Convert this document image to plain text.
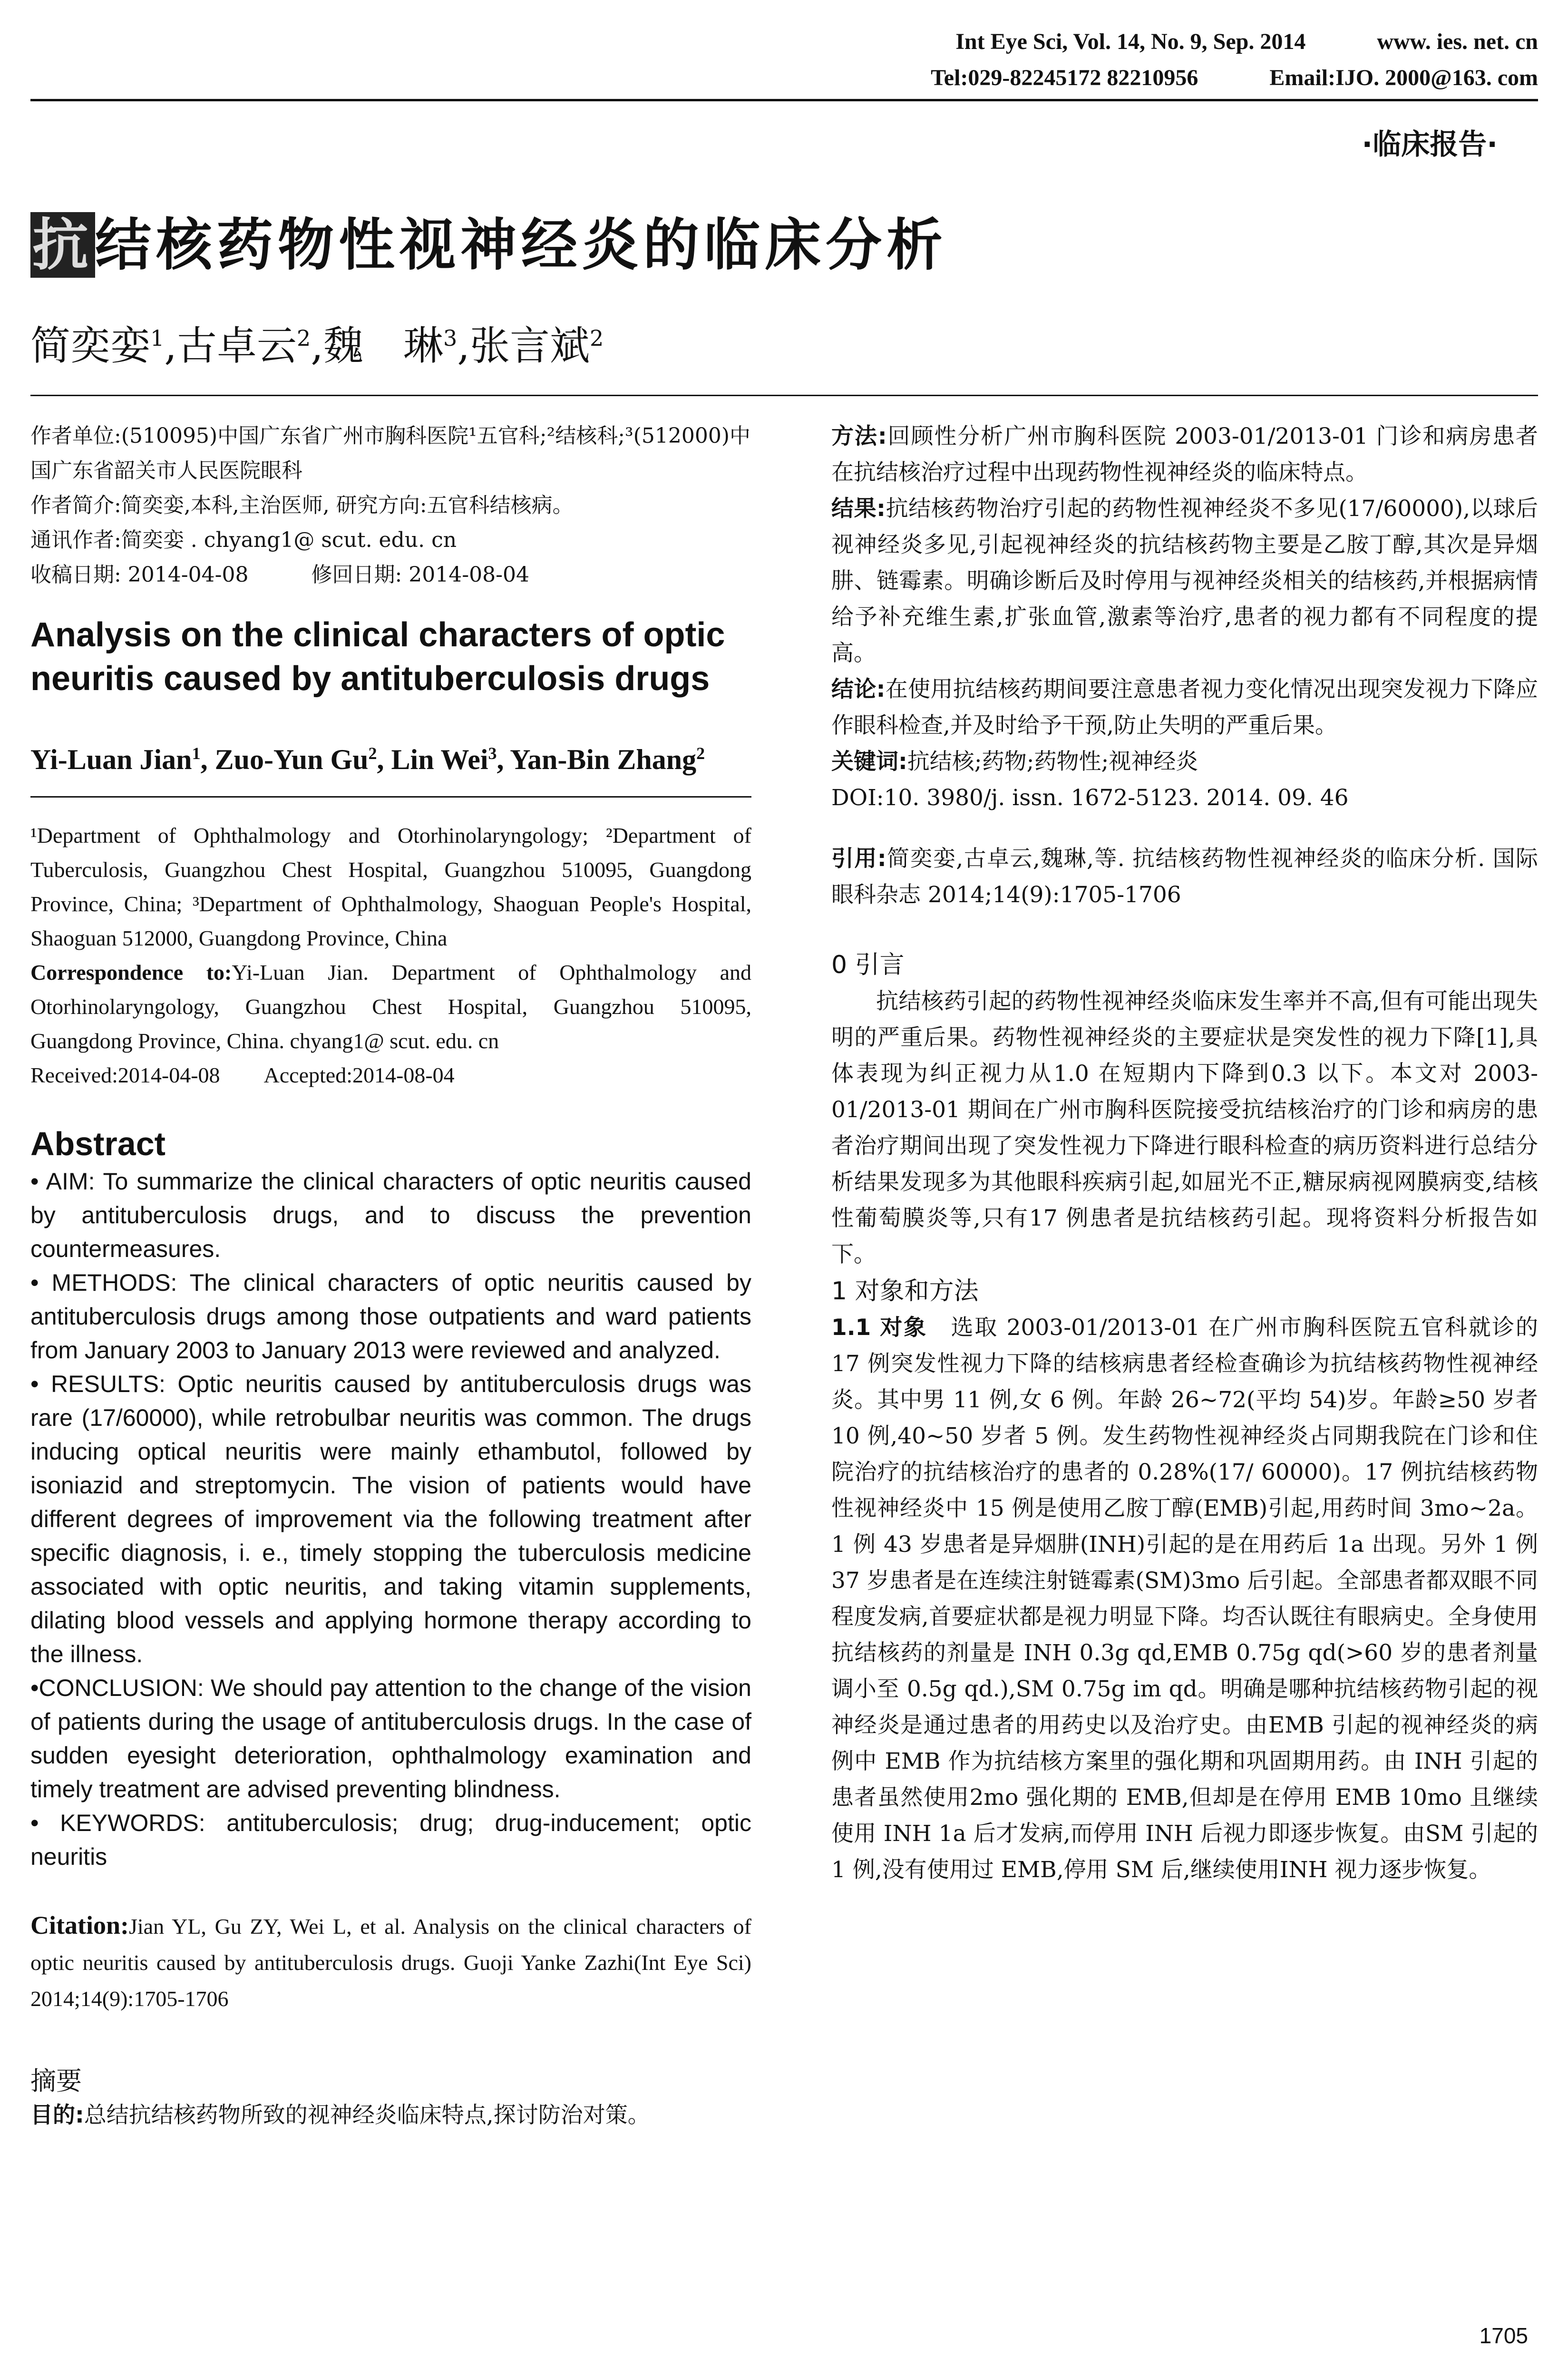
Int Eye Sci, Vol. 14, No. 9, Sep. 2014	www. ies. net. cn
Tel:029-82245172 82210956	Email:IJO. 2000@163. com
·临床报告·
抗结核药物性视神经炎的临床分析
简奕娈$^1$,古卓云$^2$,魏　琳$^3$,张言斌$^2$

作者单位:(510095)中国广东省广州市胸科医院¹五官科;²结核科;³(512000)中国广东省韶关市人民医院眼科

作者简介:简奕娈,本科,主治医师, 研究方向:五官科结核病。

通讯作者:简奕娈 . chyang1@ scut. edu. cn

收稿日期: 2014-04-08　　　修回日期: 2014-08-04

Analysis on the clinical characters of optic neuritis caused by antituberculosis drugs
Yi-Luan Jian$^1$, Zuo-Yun Gu$^2$, Lin Wei$^3$, Yan-Bin Zhang$^2$

¹Department of Ophthalmology and Otorhinolaryngology; ²Department of Tuberculosis, Guangzhou Chest Hospital, Guangzhou 510095, Guangdong Province, China; ³Department of Ophthalmology, Shaoguan People's Hospital, Shaoguan 512000, Guangdong Province, China

Correspondence to:Yi-Luan Jian. Department of Ophthalmology and Otorhinolaryngology, Guangzhou Chest Hospital, Guangzhou 510095, Guangdong Province, China. chyang1@ scut. edu. cn

Received:2014-04-08　　Accepted:2014-08-04

Abstract

• AIM: To summarize the clinical characters of optic neuritis caused by antituberculosis drugs, and to discuss the prevention countermeasures.

• METHODS: The clinical characters of optic neuritis caused by antituberculosis drugs among those outpatients and ward patients from January 2003 to January 2013 were reviewed and analyzed.

• RESULTS: Optic neuritis caused by antituberculosis drugs was rare (17/60000), while retrobulbar neuritis was common. The drugs inducing optical neuritis were mainly ethambutol, followed by isoniazid and streptomycin. The vision of patients would have different degrees of improvement via the following treatment after specific diagnosis, i. e., timely stopping the tuberculosis medicine associated with optic neuritis, and taking vitamin supplements, dilating blood vessels and applying hormone therapy according to the illness.

•CONCLUSION: We should pay attention to the change of the vision of patients during the usage of antituberculosis drugs. In the case of sudden eyesight deterioration, ophthalmology examination and timely treatment are advised preventing blindness.

• KEYWORDS: antituberculosis; drug; drug-inducement; optic neuritis

Citation:Jian YL, Gu ZY, Wei L, et al. Analysis on the clinical characters of optic neuritis caused by antituberculosis drugs. Guoji Yanke Zazhi(Int Eye Sci) 2014;14(9):1705-1706

摘要

目的:总结抗结核药物所致的视神经炎临床特点,探讨防治对策。

方法:回顾性分析广州市胸科医院 2003-01/2013-01 门诊和病房患者在抗结核治疗过程中出现药物性视神经炎的临床特点。

结果:抗结核药物治疗引起的药物性视神经炎不多见(17/60000),以球后视神经炎多见,引起视神经炎的抗结核药物主要是乙胺丁醇,其次是异烟肼、链霉素。明确诊断后及时停用与视神经炎相关的结核药,并根据病情给予补充维生素,扩张血管,激素等治疗,患者的视力都有不同程度的提高。

结论:在使用抗结核药期间要注意患者视力变化情况出现突发视力下降应作眼科检查,并及时给予干预,防止失明的严重后果。

关键词:抗结核;药物;药物性;视神经炎

DOI:10. 3980/j. issn. 1672-5123. 2014. 09. 46

引用:简奕娈,古卓云,魏琳,等. 抗结核药物性视神经炎的临床分析. 国际眼科杂志 2014;14(9):1705-1706

0 引言

抗结核药引起的药物性视神经炎临床发生率并不高,但有可能出现失明的严重后果。药物性视神经炎的主要症状是突发性的视力下降[1],具体表现为纠正视力从1.0 在短期内下降到0.3 以下。本文对 2003-01/2013-01 期间在广州市胸科医院接受抗结核治疗的门诊和病房的患者治疗期间出现了突发性视力下降进行眼科检查的病历资料进行总结分析结果发现多为其他眼科疾病引起,如屈光不正,糖尿病视网膜病变,结核性葡萄膜炎等,只有17 例患者是抗结核药引起。现将资料分析报告如下。

1 对象和方法

1.1 对象　 选取 2003-01/2013-01 在广州市胸科医院五官科就诊的17 例突发性视力下降的结核病患者经检查确诊为抗结核药物性视神经炎。其中男 11 例,女 6 例。年龄 26~72(平均 54)岁。年龄≥50 岁者 10 例,40~50 岁者 5 例。发生药物性视神经炎占同期我院在门诊和住院治疗的抗结核治疗的患者的 0.28%(17/ 60000)。17 例抗结核药物性视神经炎中 15 例是使用乙胺丁醇(EMB)引起,用药时间 3mo~2a。1 例 43 岁患者是异烟肼(INH)引起的是在用药后 1a 出现。另外 1 例 37 岁患者是在连续注射链霉素(SM)3mo 后引起。全部患者都双眼不同程度发病,首要症状都是视力明显下降。均否认既往有眼病史。全身使用抗结核药的剂量是 INH 0.3g qd,EMB 0.75g qd(>60 岁的患者剂量调小至 0.5g qd.),SM 0.75g im qd。明确是哪种抗结核药物引起的视神经炎是通过患者的用药史以及治疗史。由EMB 引起的视神经炎的病例中 EMB 作为抗结核方案里的强化期和巩固期用药。由 INH 引起的患者虽然使用2mo 强化期的 EMB,但却是在停用 EMB 10mo 且继续使用 INH 1a 后才发病,而停用 INH 后视力即逐步恢复。由SM 引起的 1 例,没有使用过 EMB,停用 SM 后,继续使用INH 视力逐步恢复。

1705
